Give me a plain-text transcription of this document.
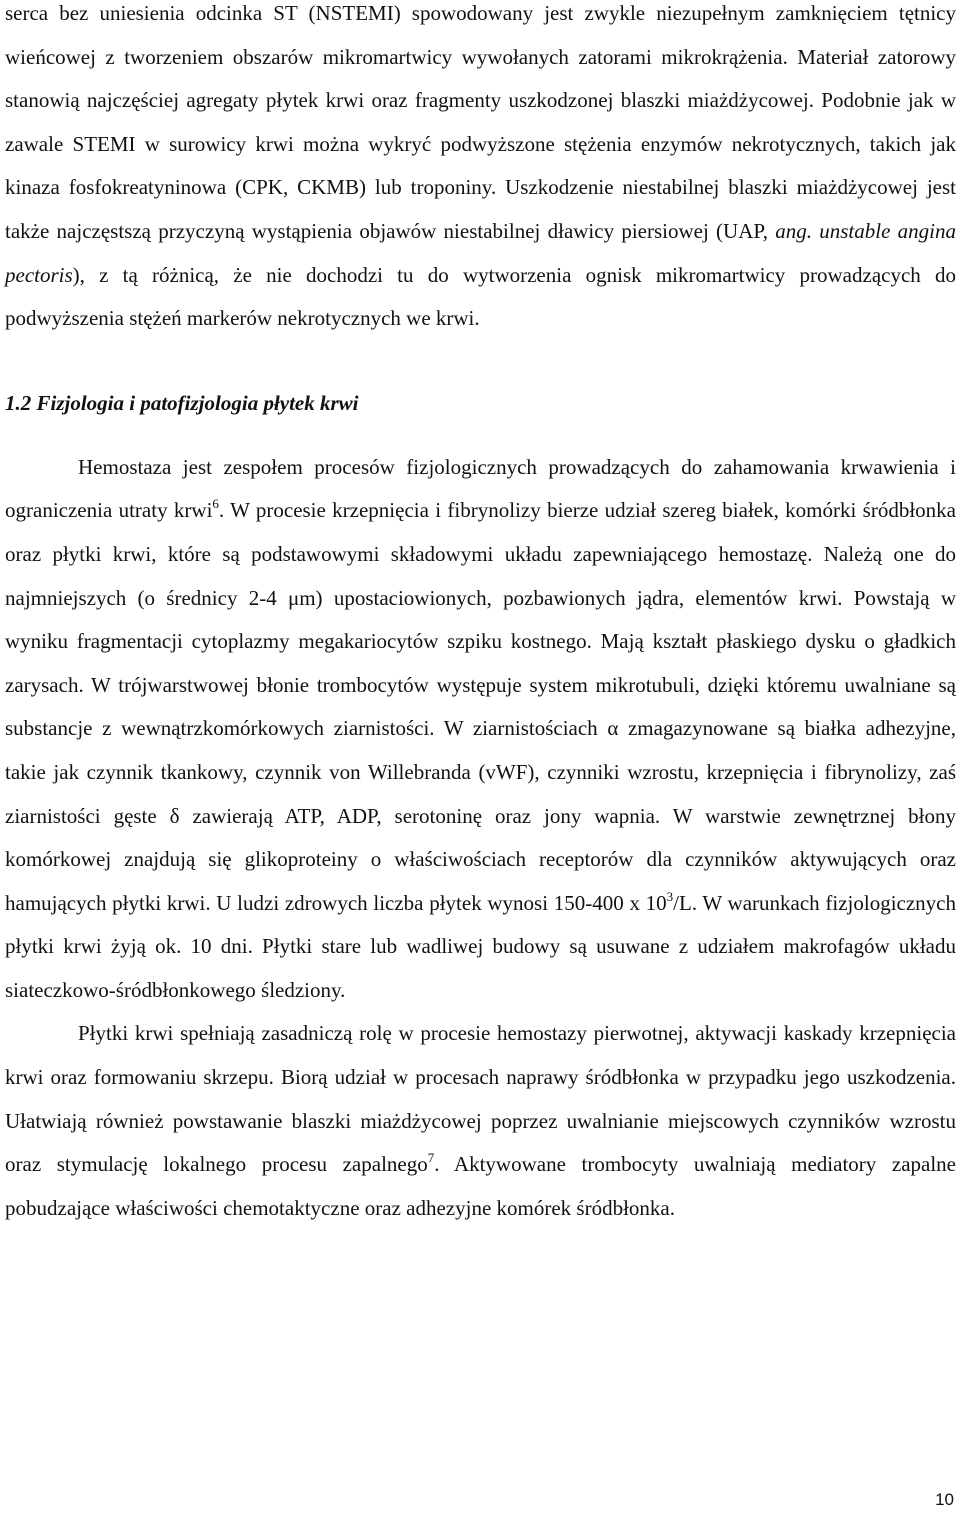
serca bez uniesienia odcinka ST (NSTEMI) spowodowany jest zwykle niezupełnym zamknięciem tętnicy wieńcowej z tworzeniem obszarów mikromartwicy wywołanych zatorami mikrokrążenia. Materiał zatorowy stanowią najczęściej agregaty płytek krwi oraz fragmenty uszkodzonej blaszki miażdżycowej. Podobnie jak w zawale STEMI w surowicy krwi można wykryć podwyższone stężenia enzymów nekrotycznych, takich jak kinaza fosfokreatyninowa (CPK, CKMB) lub troponiny. Uszkodzenie niestabilnej blaszki miażdżycowej jest także najczęstszą przyczyną wystąpienia objawów niestabilnej dławicy piersiowej (UAP, ang. unstable angina pectoris), z tą różnicą, że nie dochodzi tu do wytworzenia ognisk mikromartwicy prowadzących do podwyższenia stężeń markerów nekrotycznych we krwi.

1.2 Fizjologia i patofizjologia płytek krwi

Hemostaza jest zespołem procesów fizjologicznych prowadzących do zahamowania krwawienia i ograniczenia utraty krwi$^6$. W procesie krzepnięcia i fibrynolizy bierze udział szereg białek, komórki śródbłonka oraz płytki krwi, które są podstawowymi składowymi układu zapewniającego hemostazę. Należą one do najmniejszych (o średnicy 2-4 μm) upostaciowionych, pozbawionych jądra, elementów krwi. Powstają w wyniku fragmentacji cytoplazmy megakariocytów szpiku kostnego. Mają kształt płaskiego dysku o gładkich zarysach. W trójwarstwowej błonie trombocytów występuje system mikrotubuli, dzięki któremu uwalniane są substancje z wewnątrzkomórkowych ziarnistości. W ziarnistościach α zmagazynowane są białka adhezyjne, takie jak czynnik tkankowy, czynnik von Willebranda (vWF), czynniki wzrostu, krzepnięcia i fibrynolizy, zaś ziarnistości gęste δ zawierają ATP, ADP, serotoninę oraz jony wapnia. W warstwie zewnętrznej błony komórkowej znajdują się glikoproteiny o właściwościach receptorów dla czynników aktywujących oraz hamujących płytki krwi. U ludzi zdrowych liczba płytek wynosi 150-400 x $10^3/L$. W warunkach fizjologicznych płytki krwi żyją ok. 10 dni. Płytki stare lub wadliwej budowy są usuwane z udziałem makrofagów układu siateczkowo-śródbłonkowego śledziony.

Płytki krwi spełniają zasadniczą rolę w procesie hemostazy pierwotnej, aktywacji kaskady krzepnięcia krwi oraz formowaniu skrzepu. Biorą udział w procesach naprawy śródbłonka w przypadku jego uszkodzenia. Ułatwiają również powstawanie blaszki miażdżycowej poprzez uwalnianie miejscowych czynników wzrostu oraz stymulację lokalnego procesu zapalnego$^7$. Aktywowane trombocyty uwalniają mediatory zapalne pobudzające właściwości chemotaktyczne oraz adhezyjne komórek śródbłonka.

10
